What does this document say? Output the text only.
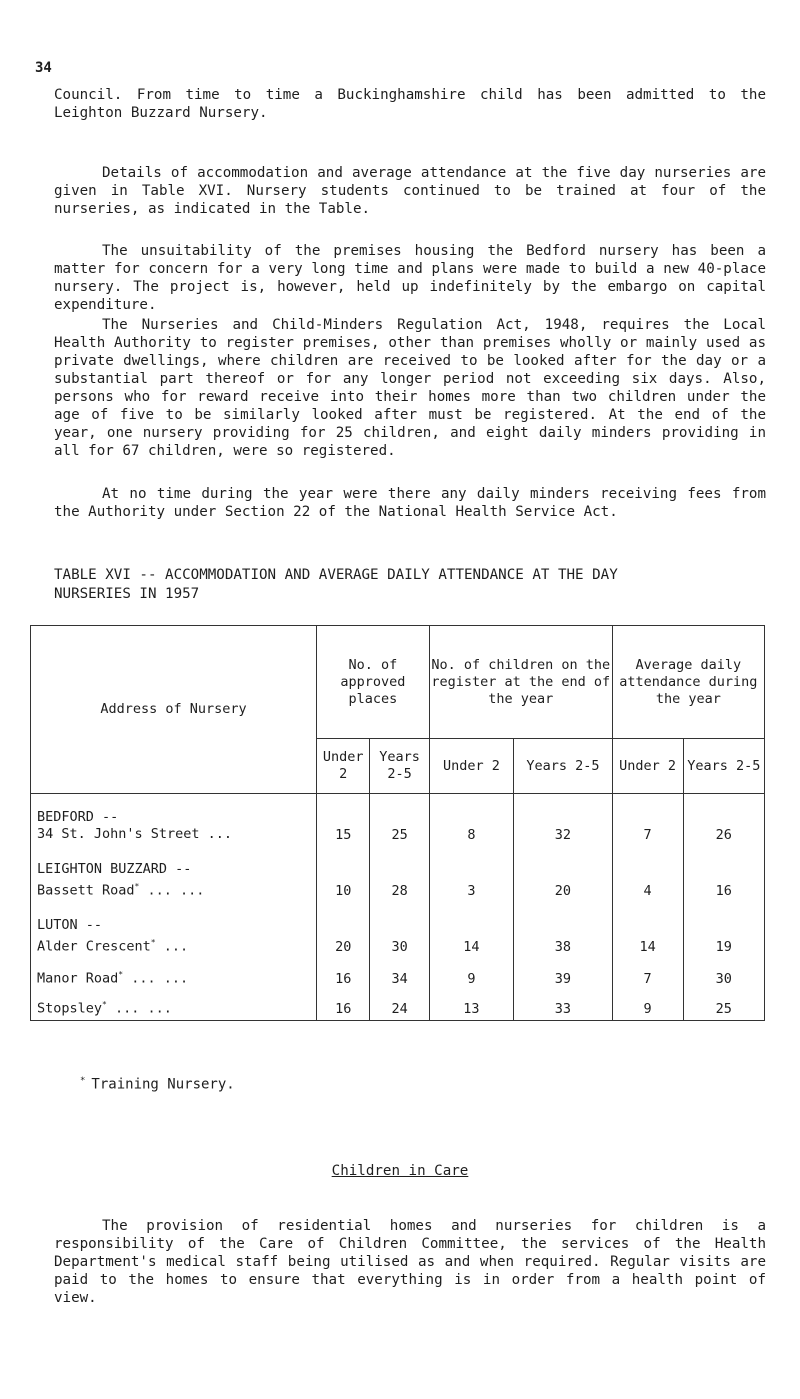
34

Council. From time to time a Buckinghamshire child has been admitted to the Leighton Buzzard Nursery.

Details of accommodation and average attendance at the five day nurseries are given in Table XVI. Nursery students continued to be trained at four of the nurseries, as indicated in the Table.

The unsuitability of the premises housing the Bedford nursery has been a matter for concern for a very long time and plans were made to build a new 40-place nursery. The project is, however, held up indefinitely by the embargo on capital expenditure.

The Nurseries and Child-Minders Regulation Act, 1948, requires the Local Health Authority to register premises, other than premises wholly or mainly used as private dwellings, where children are received to be looked after for the day or a substantial part thereof or for any longer period not exceeding six days. Also, persons who for reward receive into their homes more than two children under the age of five to be similarly looked after must be registered. At the end of the year, one nursery providing for 25 children, and eight daily minders providing in all for 67 children, were so registered.

At no time during the year were there any daily minders receiving fees from the Authority under Section 22 of the National Health Service Act.

TABLE XVI -- ACCOMMODATION AND AVERAGE DAILY ATTENDANCE AT THE DAY
NURSERIES IN 1957
Address of Nursery	No. of approved places		No. of children on the register at the end of the year		Average daily attendance during the year	
	Under 2	Years 2-5	Under 2	Years 2-5	Under 2	Years 2-5
BEDFORD --
34 St. John's Street ...	15	25	8	32	7	26
LEIGHTON BUZZARD --
Bassett Road* ... ...	10	28	3	20	4	16
LUTON --
Alder Crescent* ...	20	30	14	38	14	19
Manor Road* ... ...	16	34	9	39	7	30
Stopsley* ... ...	16	24	13	33	9	25
* Training Nursery.
Children in Care

The provision of residential homes and nurseries for children is a responsibility of the Care of Children Committee, the services of the Health Department's medical staff being utilised as and when required. Regular visits are paid to the homes to ensure that everything is in order from a health point of view.
